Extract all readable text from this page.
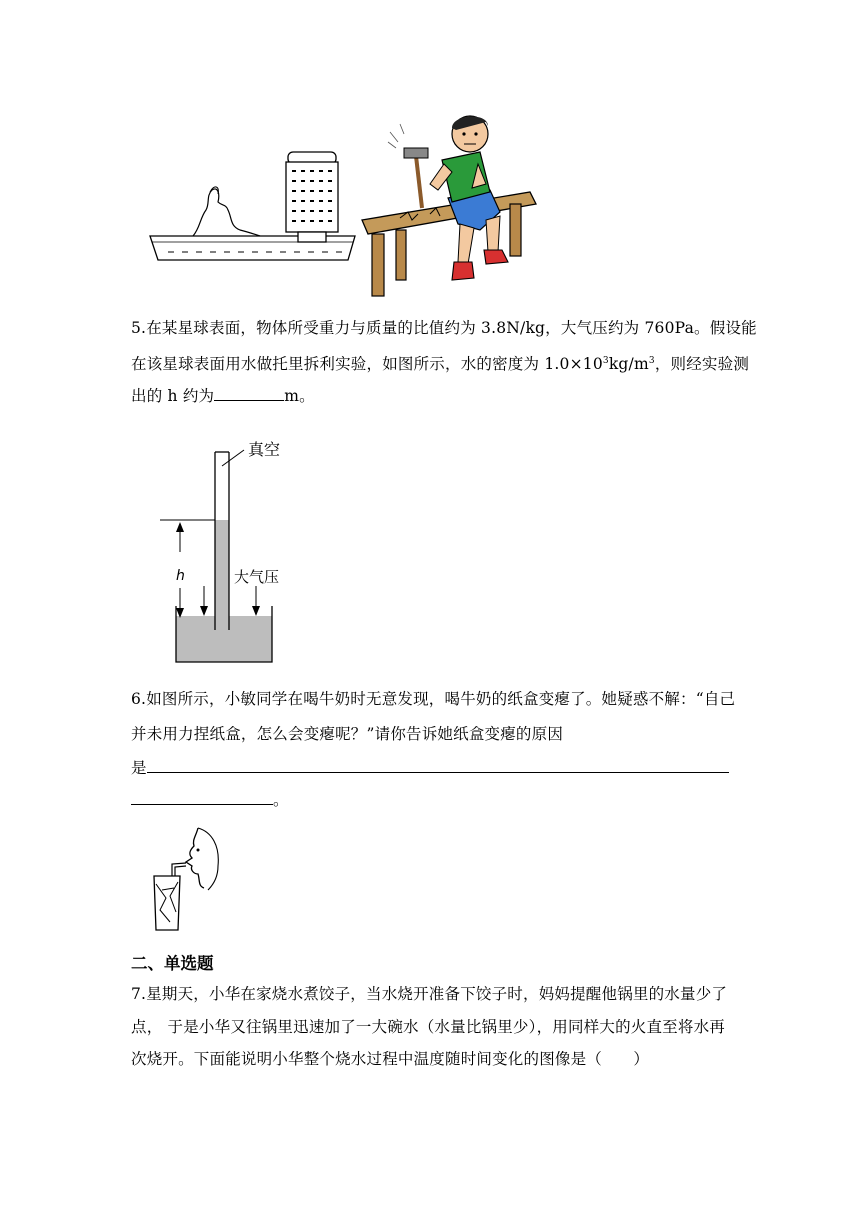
5.在某星球表面，物体所受重力与质量的比值约为 3.8N/kg，大气压约为 760Pa。假设能
在该星球表面用水做托里拆利实验，如图所示，水的密度为 $1.0\times 10^3kg/m^3$，则经实验测
出的 h 约为	m。
真空
h	大气压
6.如图所示，小敏同学在喝牛奶时无意发现，喝牛奶的纸盒变瘪了。她疑惑不解：“自己
并未用力捏纸盒，怎么会变瘪呢？”请你告诉她纸盒变瘪的原因
是
。
二、单选题
7.星期天，小华在家烧水煮饺子，当水烧开准备下饺子时，妈妈提醒他锅里的水量少了
点， 于是小华又往锅里迅速加了一大碗水（水量比锅里少），用同样大的火直至将水再
次烧开。下面能说明小华整个烧水过程中温度随时间变化的图像是（　　）
